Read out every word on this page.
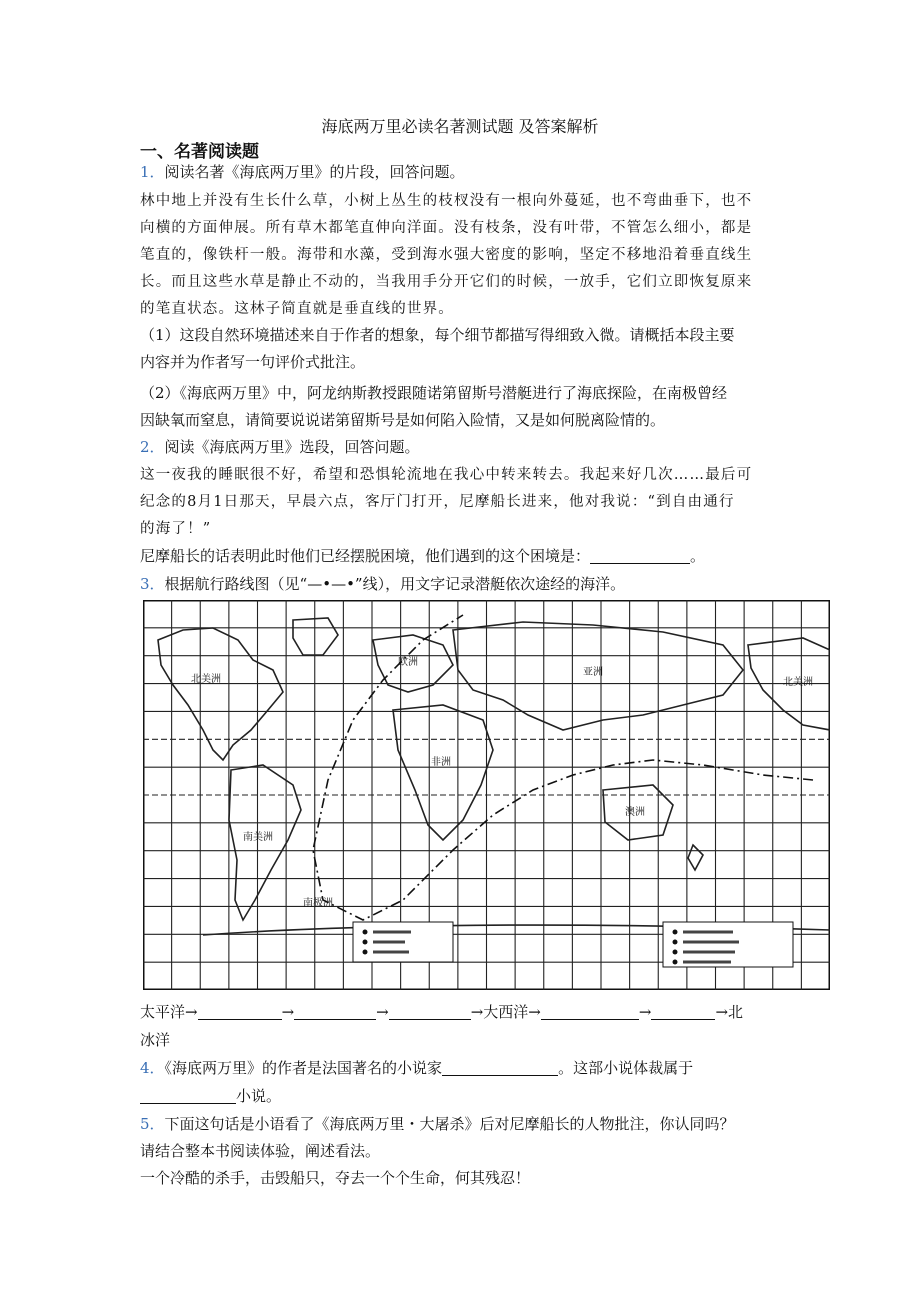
海底两万里必读名著测试题 及答案解析
一、名著阅读题
1．阅读名著《海底两万里》的片段，回答问题。
林中地上并没有生长什么草，小树上丛生的枝杈没有一根向外蔓延，也不弯曲垂下，也不
向横的方面伸展。所有草木都笔直伸向洋面。没有枝条，没有叶带，不管怎么细小，都是
笔直的，像铁杆一般。海带和水藻，受到海水强大密度的影响，坚定不移地沿着垂直线生
长。而且这些水草是静止不动的，当我用手分开它们的时候，一放手，它们立即恢复原来
的笔直状态。这林子简直就是垂直线的世界。
（1）这段自然环境描述来自于作者的想象，每个细节都描写得细致入微。请概括本段主要
内容并为作者写一句评价式批注。
（2）《海底两万里》中，阿龙纳斯教授跟随诺第留斯号潜艇进行了海底探险，在南极曾经
因缺氧而窒息，请简要说说诺第留斯号是如何陷入险情，又是如何脱离险情的。
2．阅读《海底两万里》选段，回答问题。
这一夜我的睡眠很不好，希望和恐惧轮流地在我心中转来转去。我起来好几次……最后可
纪念的8月1日那天，早晨六点，客厅门打开，尼摩船长进来，他对我说：“到自由通行
的海了！”
尼摩船长的话表明此时他们已经摆脱困境，他们遇到的这个困境是：	。
3．根据航行路线图（见“—•—•”线），用文字记录潜艇依次途经的海洋。
北美洲
南美洲
欧洲
非洲
亚洲
澳洲
南极洲
北美洲
太平洋→	→	→	→大西洋→	→	→北
冰洋
4．《海底两万里》的作者是法国著名的小说家	。这部小说体裁属于
小说。
5．下面这句话是小语看了《海底两万里・大屠杀》后对尼摩船长的人物批注，你认同吗？
请结合整本书阅读体验，阐述看法。
一个冷酷的杀手，击毁船只，夺去一个个生命，何其残忍！
